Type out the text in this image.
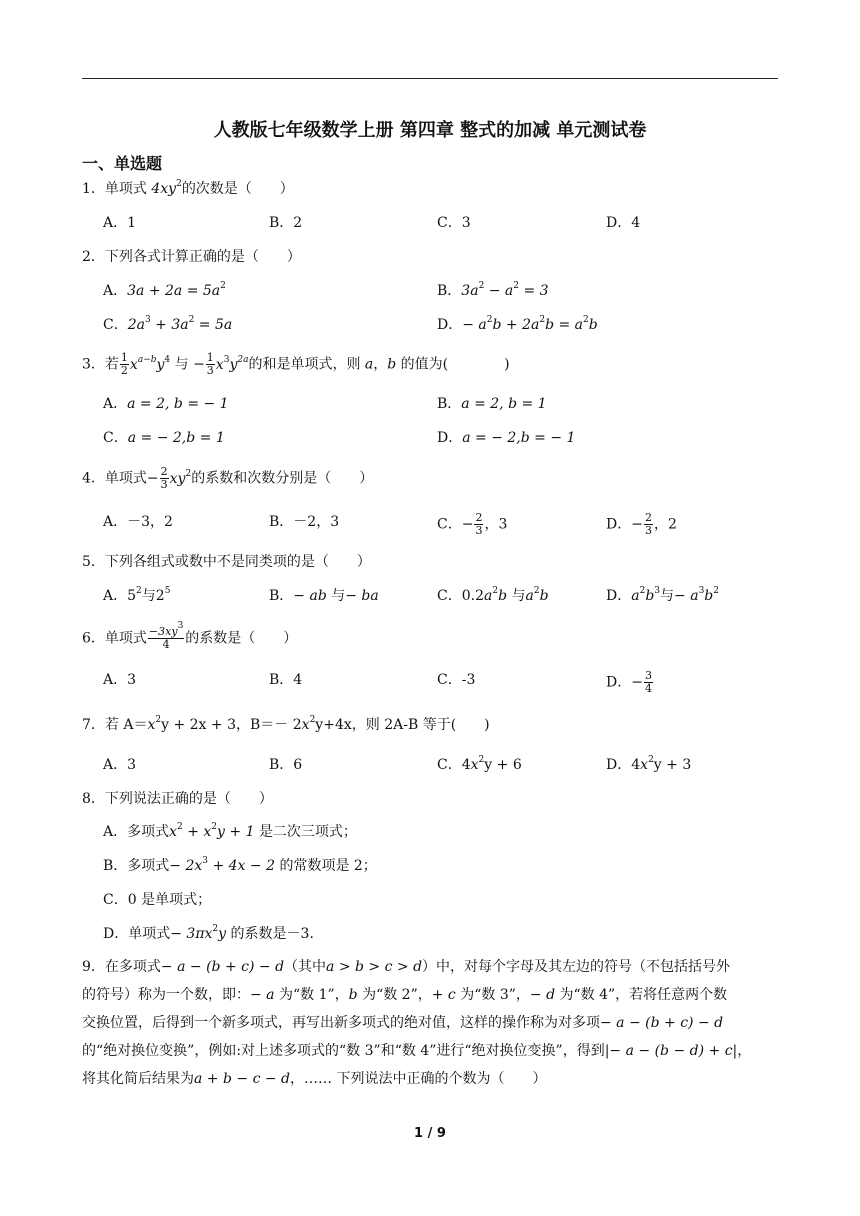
人教版七年级数学上册 第四章 整式的加减 单元测试卷
一、单选题
1．单项式 $4xy^2$的次数是（　　）
A．1	B．2	C．3	D．4
2．下列各式计算正确的是（　　）
A．$3a + 2a = 5a^2$	B．$3a^2 - a^2 = 3$
C．$2a^3 + 3a^2 = 5a$	D．− $a^2b + 2a^2b = a^2b$
3．若 $\frac{1}{2} x^{a-b}y^4$ 与 − $\frac{1}{3} x^3y^{2a}$的和是单项式，则 a，b 的值为(　　　　)
A．a = 2, b = − 1	B．a = 2, b = 1
C．a = − 2,b = 1	D．a = − 2,b = − 1
4．单项式− $\frac{2}{3} xy^2$的系数和次数分别是（　　）
A．－3，2	B．－2，3	C．− $\frac{2}{3}$ ，3	D．− $\frac{2}{3}$ ，2
5．下列各组式或数中不是同类项的是（　　）
A．$5^2$与$2^5$	B．− ab 与− ba	C．$0.2a^2b$ 与$a^2b$	D．$a^2b^3$与− $a^3b^2$
6．单项式 $\frac{-3xy^3}{4}$ 的系数是（　　）
A．3	B．4	C．-3	D．− $\frac{3}{4}$
7．若 $A=x^2y + 2x + 3$，$B=- 2x^2y+4x$，则 2A-B 等于(　　)
A．3	B．6	C．$4x^2y + 6$	D．$4x^2y + 3$
8．下列说法正确的是（　　）
A．多项式$x^2 + x^2y + 1$ 是二次三项式；
B．多项式− $2x^3 + 4x - 2$ 的常数项是 2；
C．0 是单项式；
D．单项式− $3\pi x^2y$ 的系数是－3．
9．在多项式− a − (b + c) − d（其中a > b > c > d）中，对每个字母及其左边的符号（不包括括号外
的符号）称为一个数，即：− a 为“数 1”，b 为“数 2”，+ c 为“数 3”，− d 为“数 4”，若将任意两个数
交换位置，后得到一个新多项式，再写出新多项式的绝对值，这样的操作称为对多项− a − (b + c) − d
的“绝对换位变换”，例如:对上述多项式的“数 3”和“数 4”进行“绝对换位变换”，得到|− a − (b − d) + c|，
将其化简后结果为a + b − c − d，…… 下列说法中正确的个数为（　　）
1 / 9
